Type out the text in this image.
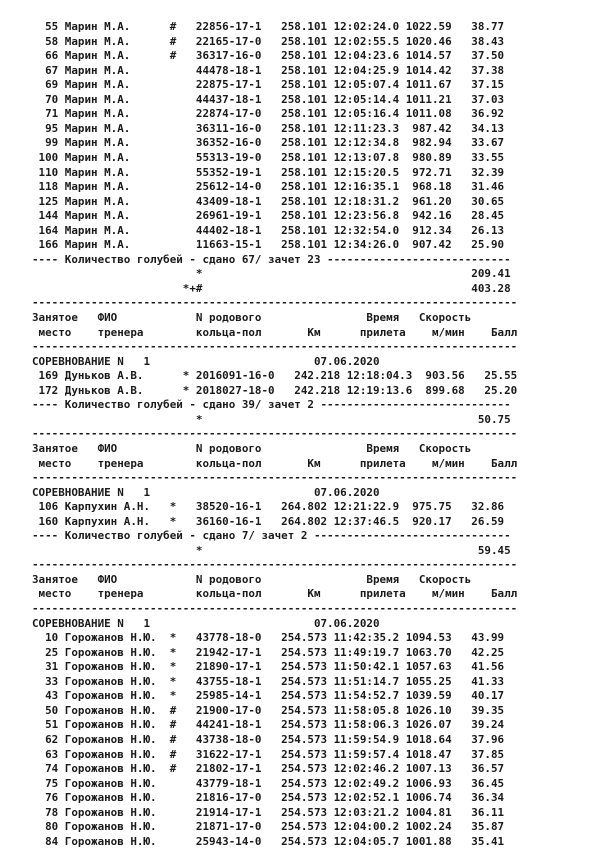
55 Марин М.А.      #   22856-17-1   258.101 12:02:24.0 1022.59   38.77
58 Марин М.А.      #   22165-17-0   258.101 12:02:55.5 1020.46   38.43
66 Марин М.А.      #   36317-16-0   258.101 12:04:23.6 1014.57   37.50
67 Марин М.А.          44478-18-1   258.101 12:04:25.9 1014.42   37.38
69 Марин М.А.          22875-17-1   258.101 12:05:07.4 1011.67   37.15
70 Марин М.А.          44437-18-1   258.101 12:05:14.4 1011.21   37.03
71 Марин М.А.          22874-17-0   258.101 12:05:16.4 1011.08   36.92
95 Марин М.А.          36311-16-0   258.101 12:11:23.3  987.42   34.13
99 Марин М.А.          36352-16-0   258.101 12:12:34.8  982.94   33.67
100 Марин М.А.          55313-19-0   258.101 12:13:07.8  980.89   33.55
110 Марин М.А.          55352-19-1   258.101 12:15:20.5  972.71   32.39
118 Марин М.А.          25612-14-0   258.101 12:16:35.1  968.18   31.46
125 Марин М.А.          43409-18-1   258.101 12:18:31.2  961.20   30.65
144 Марин М.А.          26961-19-1   258.101 12:23:56.8  942.16   28.45
164 Марин М.А.          44402-18-1   258.101 12:32:54.0  912.34   26.13
166 Марин М.А.          11663-15-1   258.101 12:34:26.0  907.42   25.90
---- Количество голубей - сдано 67/ зачет 23 ----------------------------
*                                         209.41
*+#                                         403.28
--------------------------------------------------------------------------
Занятое   ФИО            N родового                Время   Скорость
место    тренера        кольца-пол       Км      прилета    м/мин    Балл
--------------------------------------------------------------------------
СОРЕВНОВАНИЕ N   1                         07.06.2020
169 Дуньков А.В.      * 2016091-16-0   242.218 12:18:04.3  903.56   25.55
172 Дуньков А.В.      * 2018027-18-0   242.218 12:19:13.6  899.68   25.20
---- Количество голубей - сдано 39/ зачет 2 -----------------------------
*                                          50.75
--------------------------------------------------------------------------
Занятое   ФИО            N родового                Время   Скорость
место    тренера        кольца-пол       Км      прилета    м/мин    Балл
--------------------------------------------------------------------------
СОРЕВНОВАНИЕ N   1                         07.06.2020
106 Карпухин А.Н.   *   38520-16-1   264.802 12:21:22.9  975.75   32.86
160 Карпухин А.Н.   *   36160-16-1   264.802 12:37:46.5  920.17   26.59
---- Количество голубей - сдано 7/ зачет 2 ------------------------------
*                                          59.45
--------------------------------------------------------------------------
Занятое   ФИО            N родового                Время   Скорость
место    тренера        кольца-пол       Км      прилета    м/мин    Балл
--------------------------------------------------------------------------
СОРЕВНОВАНИЕ N   1                         07.06.2020
10 Горожанов Н.Ю.  *   43778-18-0   254.573 11:42:35.2 1094.53   43.99
25 Горожанов Н.Ю.  *   21942-17-1   254.573 11:49:19.7 1063.70   42.25
31 Горожанов Н.Ю.  *   21890-17-1   254.573 11:50:42.1 1057.63   41.56
33 Горожанов Н.Ю.  *   43755-18-1   254.573 11:51:14.7 1055.25   41.33
43 Горожанов Н.Ю.  *   25985-14-1   254.573 11:54:52.7 1039.59   40.17
50 Горожанов Н.Ю.  #   21900-17-0   254.573 11:58:05.8 1026.10   39.35
51 Горожанов Н.Ю.  #   44241-18-1   254.573 11:58:06.3 1026.07   39.24
62 Горожанов Н.Ю.  #   43738-18-0   254.573 11:59:54.9 1018.64   37.96
63 Горожанов Н.Ю.  #   31622-17-1   254.573 11:59:57.4 1018.47   37.85
74 Горожанов Н.Ю.  #   21802-17-1   254.573 12:02:46.2 1007.13   36.57
75 Горожанов Н.Ю.      43779-18-1   254.573 12:02:49.2 1006.93   36.45
76 Горожанов Н.Ю.      21816-17-0   254.573 12:02:52.1 1006.74   36.34
78 Горожанов Н.Ю.      21914-17-1   254.573 12:03:21.2 1004.81   36.11
80 Горожанов Н.Ю.      21871-17-0   254.573 12:04:00.2 1002.24   35.87
84 Горожанов Н.Ю.      25943-14-0   254.573 12:04:05.7 1001.88   35.41
